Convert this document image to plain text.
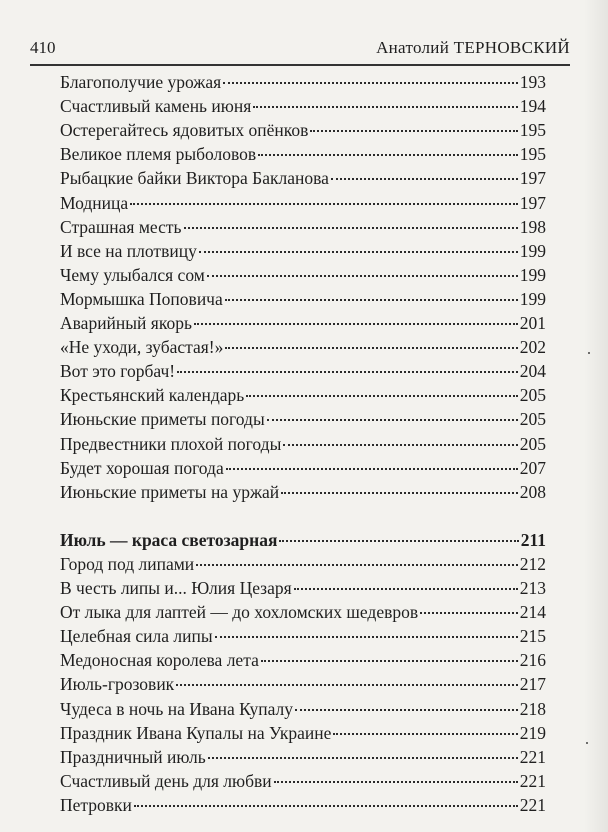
410	Анатолий ТЕРНОВСКИЙ
Благополучие урожая	193
Счастливый камень июня	194
Остерегайтесь ядовитых опёнков	195
Великое племя рыболовов	195
Рыбацкие байки Виктора Бакланова	197
Модница	197
Страшная месть	198
И все на плотвицу	199
Чему улыбался сом	199
Мормышка Поповича	199
Аварийный якорь	201
«Не уходи, зубастая!»	202
Вот это горбач!	204
Крестьянский календарь	205
Июньские приметы погоды	205
Предвестники плохой погоды	205
Будет хорошая погода	207
Июньские приметы на уржай	208
Июль — краса светозарная	211
Город под липами	212
В честь липы и... Юлия Цезаря	213
От лыка для лаптей — до хохломских шедевров	214
Целебная сила липы	215
Медоносная королева лета	216
Июль-грозовик	217
Чудеса в ночь на Ивана Купалу	218
Праздник Ивана Купалы на Украине	219
Праздничный июль	221
Счастливый день для любви	221
Петровки	221
